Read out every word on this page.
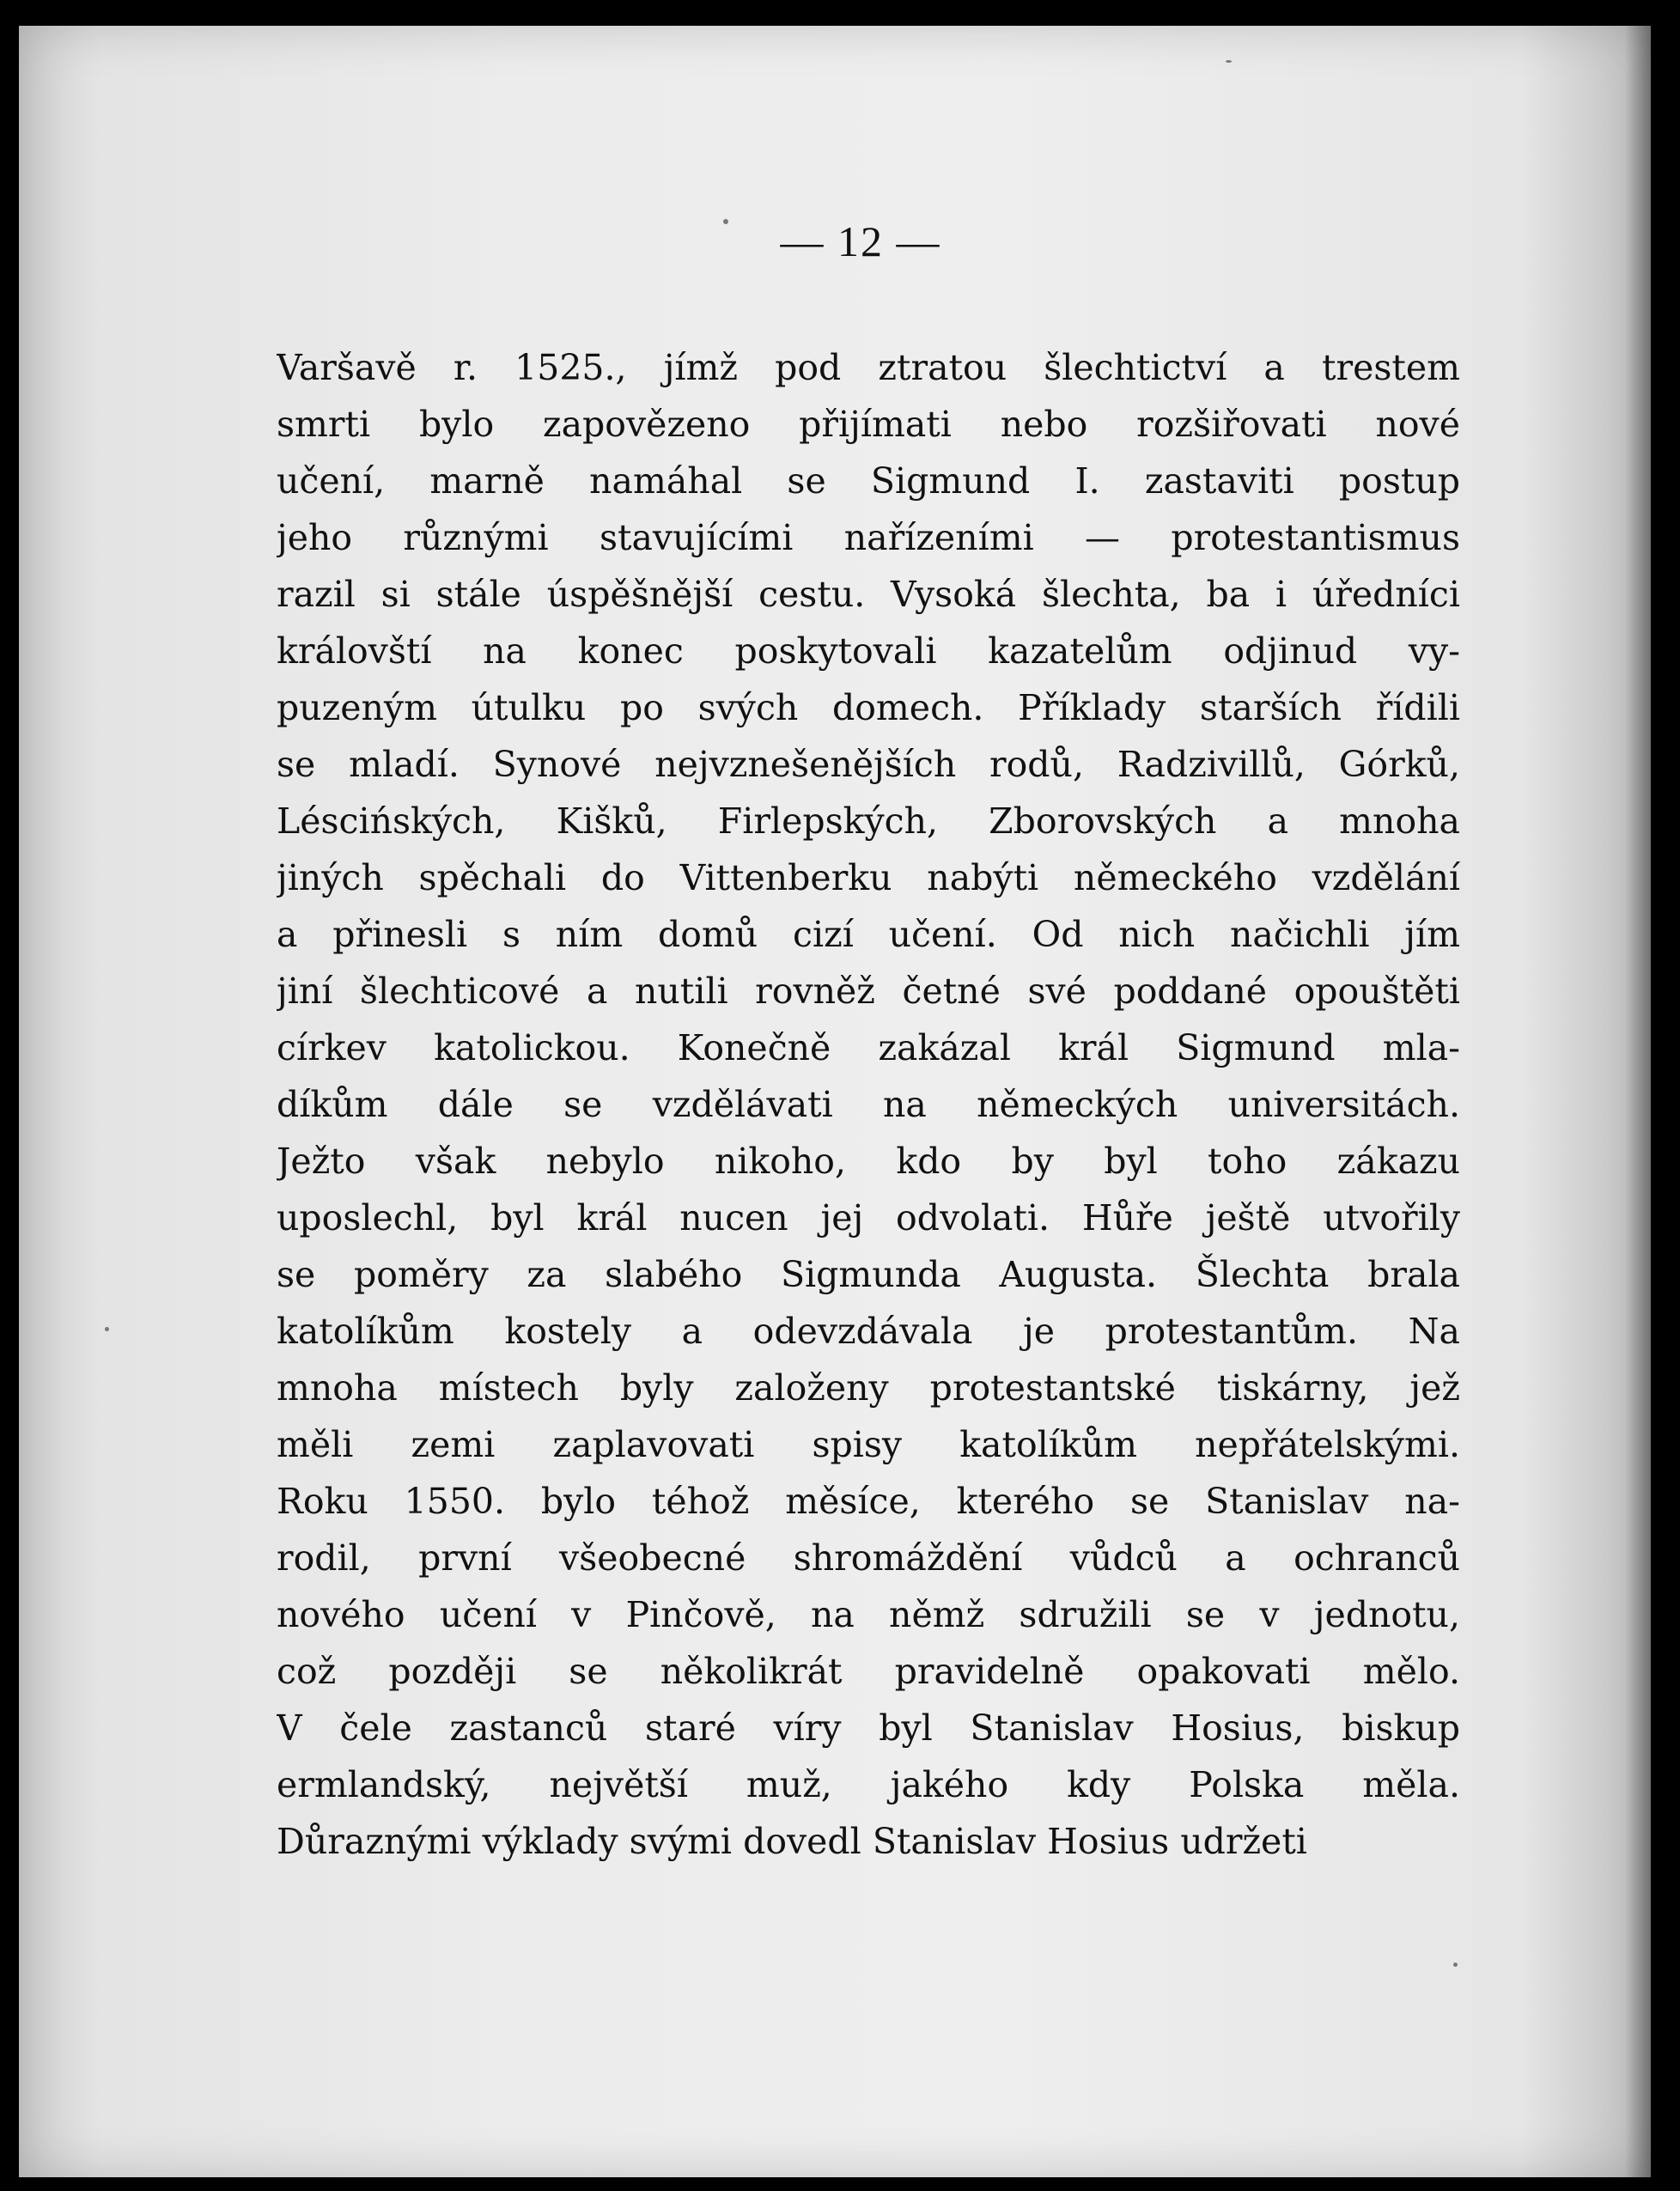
— 12 —
Varšavě r. 1525., jímž pod ztratou šlechtictví a trestem
smrti bylo zapovězeno přijímati nebo rozšiřovati nové
učení, marně namáhal se Sigmund I. zastaviti postup
jeho různými stavujícími nařízeními — protestantismus
razil si stále úspěšnější cestu. Vysoká šlechta, ba i úředníci
královští na konec poskytovali kazatelům odjinud vy-
puzeným útulku po svých domech. Příklady starších řídili
se mladí. Synové nejvznešenějších rodů, Radzivillů, Górků,
Léscińských, Kišků, Firlepských, Zborovských a mnoha
jiných spěchali do Vittenberku nabýti německého vzdělání
a přinesli s ním domů cizí učení. Od nich načichli jím
jiní šlechticové a nutili rovněž četné své poddané opouštěti
církev katolickou. Konečně zakázal král Sigmund mla-
díkům dále se vzdělávati na německých universitách.
Ježto však nebylo nikoho, kdo by byl toho zákazu
uposlechl, byl král nucen jej odvolati. Hůře ještě utvořily
se poměry za slabého Sigmunda Augusta. Šlechta brala
katolíkům kostely a odevzdávala je protestantům. Na
mnoha místech byly založeny protestantské tiskárny, jež
měli zemi zaplavovati spisy katolíkům nepřátelskými.
Roku 1550. bylo téhož měsíce, kterého se Stanislav na-
rodil, první všeobecné shromáždění vůdců a ochranců
nového učení v Pinčově, na němž sdružili se v jednotu,
což později se několikrát pravidelně opakovati mělo.
V čele zastanců staré víry byl Stanislav Hosius, biskup
ermlandský, největší muž, jakého kdy Polska měla.
Důraznými výklady svými dovedl Stanislav Hosius udržeti
